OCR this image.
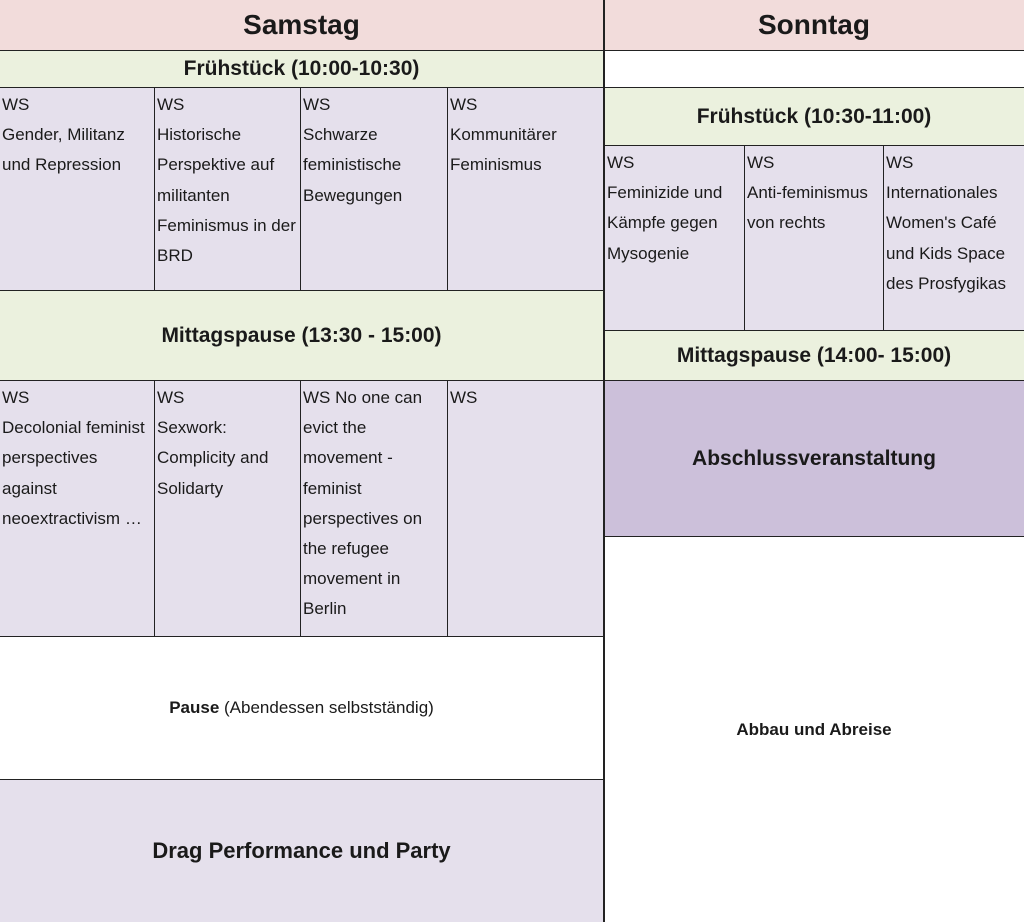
Samstag
Frühstück (10:00-10:30)
WS
Gender, Militanz und Repression
WS
Historische Perspektive auf militanten Feminismus in der BRD
WS
Schwarze feministische Bewegungen
WS
Kommunitärer Feminismus
Mittagspause (13:30 - 15:00)
WS
Decolonial feminist perspectives against neoextractivism …
WS
Sexwork: Complicity and Solidarty
WS No one can evict the movement - feminist perspectives on the refugee movement in Berlin
WS
Pause (Abendessen selbstständig)
Drag Performance und Party
Sonntag
Frühstück (10:30-11:00)
WS
Feminizide und Kämpfe gegen Mysogenie
WS
Anti-feminismus von rechts
WS
Internationales Women's Café und Kids Space des Prosfygikas
Mittagspause (14:00- 15:00)
Abschlussveranstaltung
Abbau und Abreise
